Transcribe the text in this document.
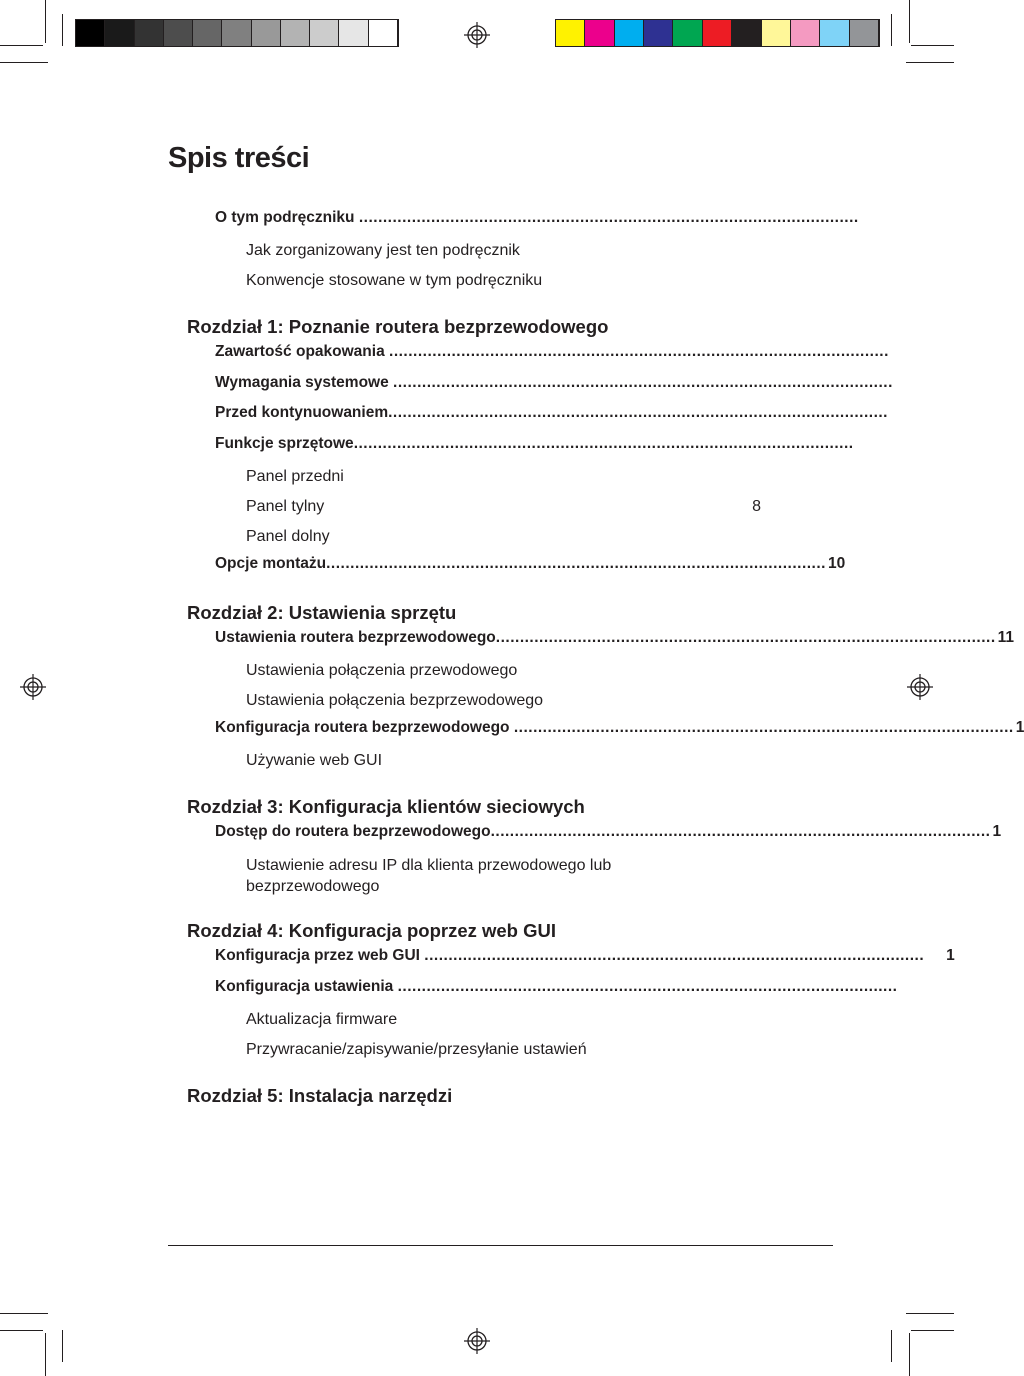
Spis treści
O tym podręczniku
........................................................................................................
Jak zorganizowany jest ten podręcznik
Konwencje stosowane w tym podręczniku
Rozdział 1: Poznanie routera bezprzewodowego
Zawartość opakowania
........................................................................................................
Wymagania systemowe
........................................................................................................
Przed kontynuowaniem ........................................................................................................
Funkcje sprzętowe ........................................................................................................
Panel przedni
Panel tylny	8
Panel dolny
Opcje montażu ........................................................................................................ 10
Rozdział 2: Ustawienia sprzętu
Ustawienia routera bezprzewodowego ........................................................................................................ 11
Ustawienia połączenia przewodowego
Ustawienia połączenia bezprzewodowego
Konfiguracja routera bezprzewodowego
........................................................................................................ 1
Używanie web GUI
Rozdział 3: Konfiguracja klientów sieciowych
Dostęp do routera bezprzewodowego ........................................................................................................ 1
Ustawienie adresu IP dla klienta przewodowego lub bezprzewodowego
Rozdział 4: Konfiguracja poprzez web GUI
Konfiguracja przez web GUI
........................................................................................................ 1
Konfiguracja ustawienia
........................................................................................................
Aktualizacja firmware
Przywracanie/zapisywanie/przesyłanie ustawień
Rozdział 5: Instalacja narzędzi
